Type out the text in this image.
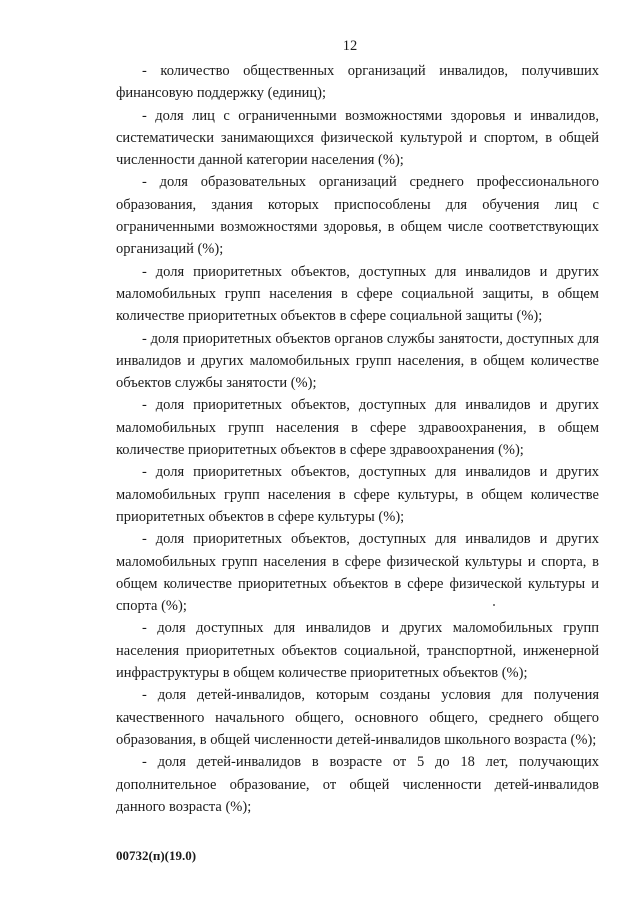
12

- количество общественных организаций инвалидов, получивших финансовую поддержку (единиц);

- доля лиц с ограниченными возможностями здоровья и инвалидов, систематически занимающихся физической культурой и спортом, в общей численности данной категории населения (%);

- доля образовательных организаций среднего профессионального образования, здания которых приспособлены для обучения лиц с ограниченными возможностями здоровья, в общем числе соответствующих организаций (%);

- доля приоритетных объектов, доступных для инвалидов и других маломобильных групп населения в сфере социальной защиты, в общем количестве приоритетных объектов в сфере социальной защиты (%);

- доля приоритетных объектов органов службы занятости, доступных для инвалидов и других маломобильных групп населения, в общем количестве объектов службы занятости (%);

- доля приоритетных объектов, доступных для инвалидов и других маломобильных групп населения в сфере здравоохранения, в общем количестве приоритетных объектов в сфере здравоохранения (%);

- доля приоритетных объектов, доступных для инвалидов и других маломобильных групп населения в сфере культуры, в общем количестве приоритетных объектов в сфере культуры (%);

- доля приоритетных объектов, доступных для инвалидов и других маломобильных групп населения в сфере физической культуры и спорта, в общем количестве приоритетных объектов в сфере физической культуры и спорта (%);

- доля доступных для инвалидов и других маломобильных групп населения приоритетных объектов социальной, транспортной, инженерной инфраструктуры в общем количестве приоритетных объектов (%);

- доля детей-инвалидов, которым созданы условия для получения качественного начального общего, основного общего, среднего общего образования, в общей численности детей-инвалидов школьного возраста (%);

- доля детей-инвалидов в возрасте от 5 до 18 лет, получающих дополнительное образование, от общей численности детей-инвалидов данного возраста (%);

00732(п)(19.0)
